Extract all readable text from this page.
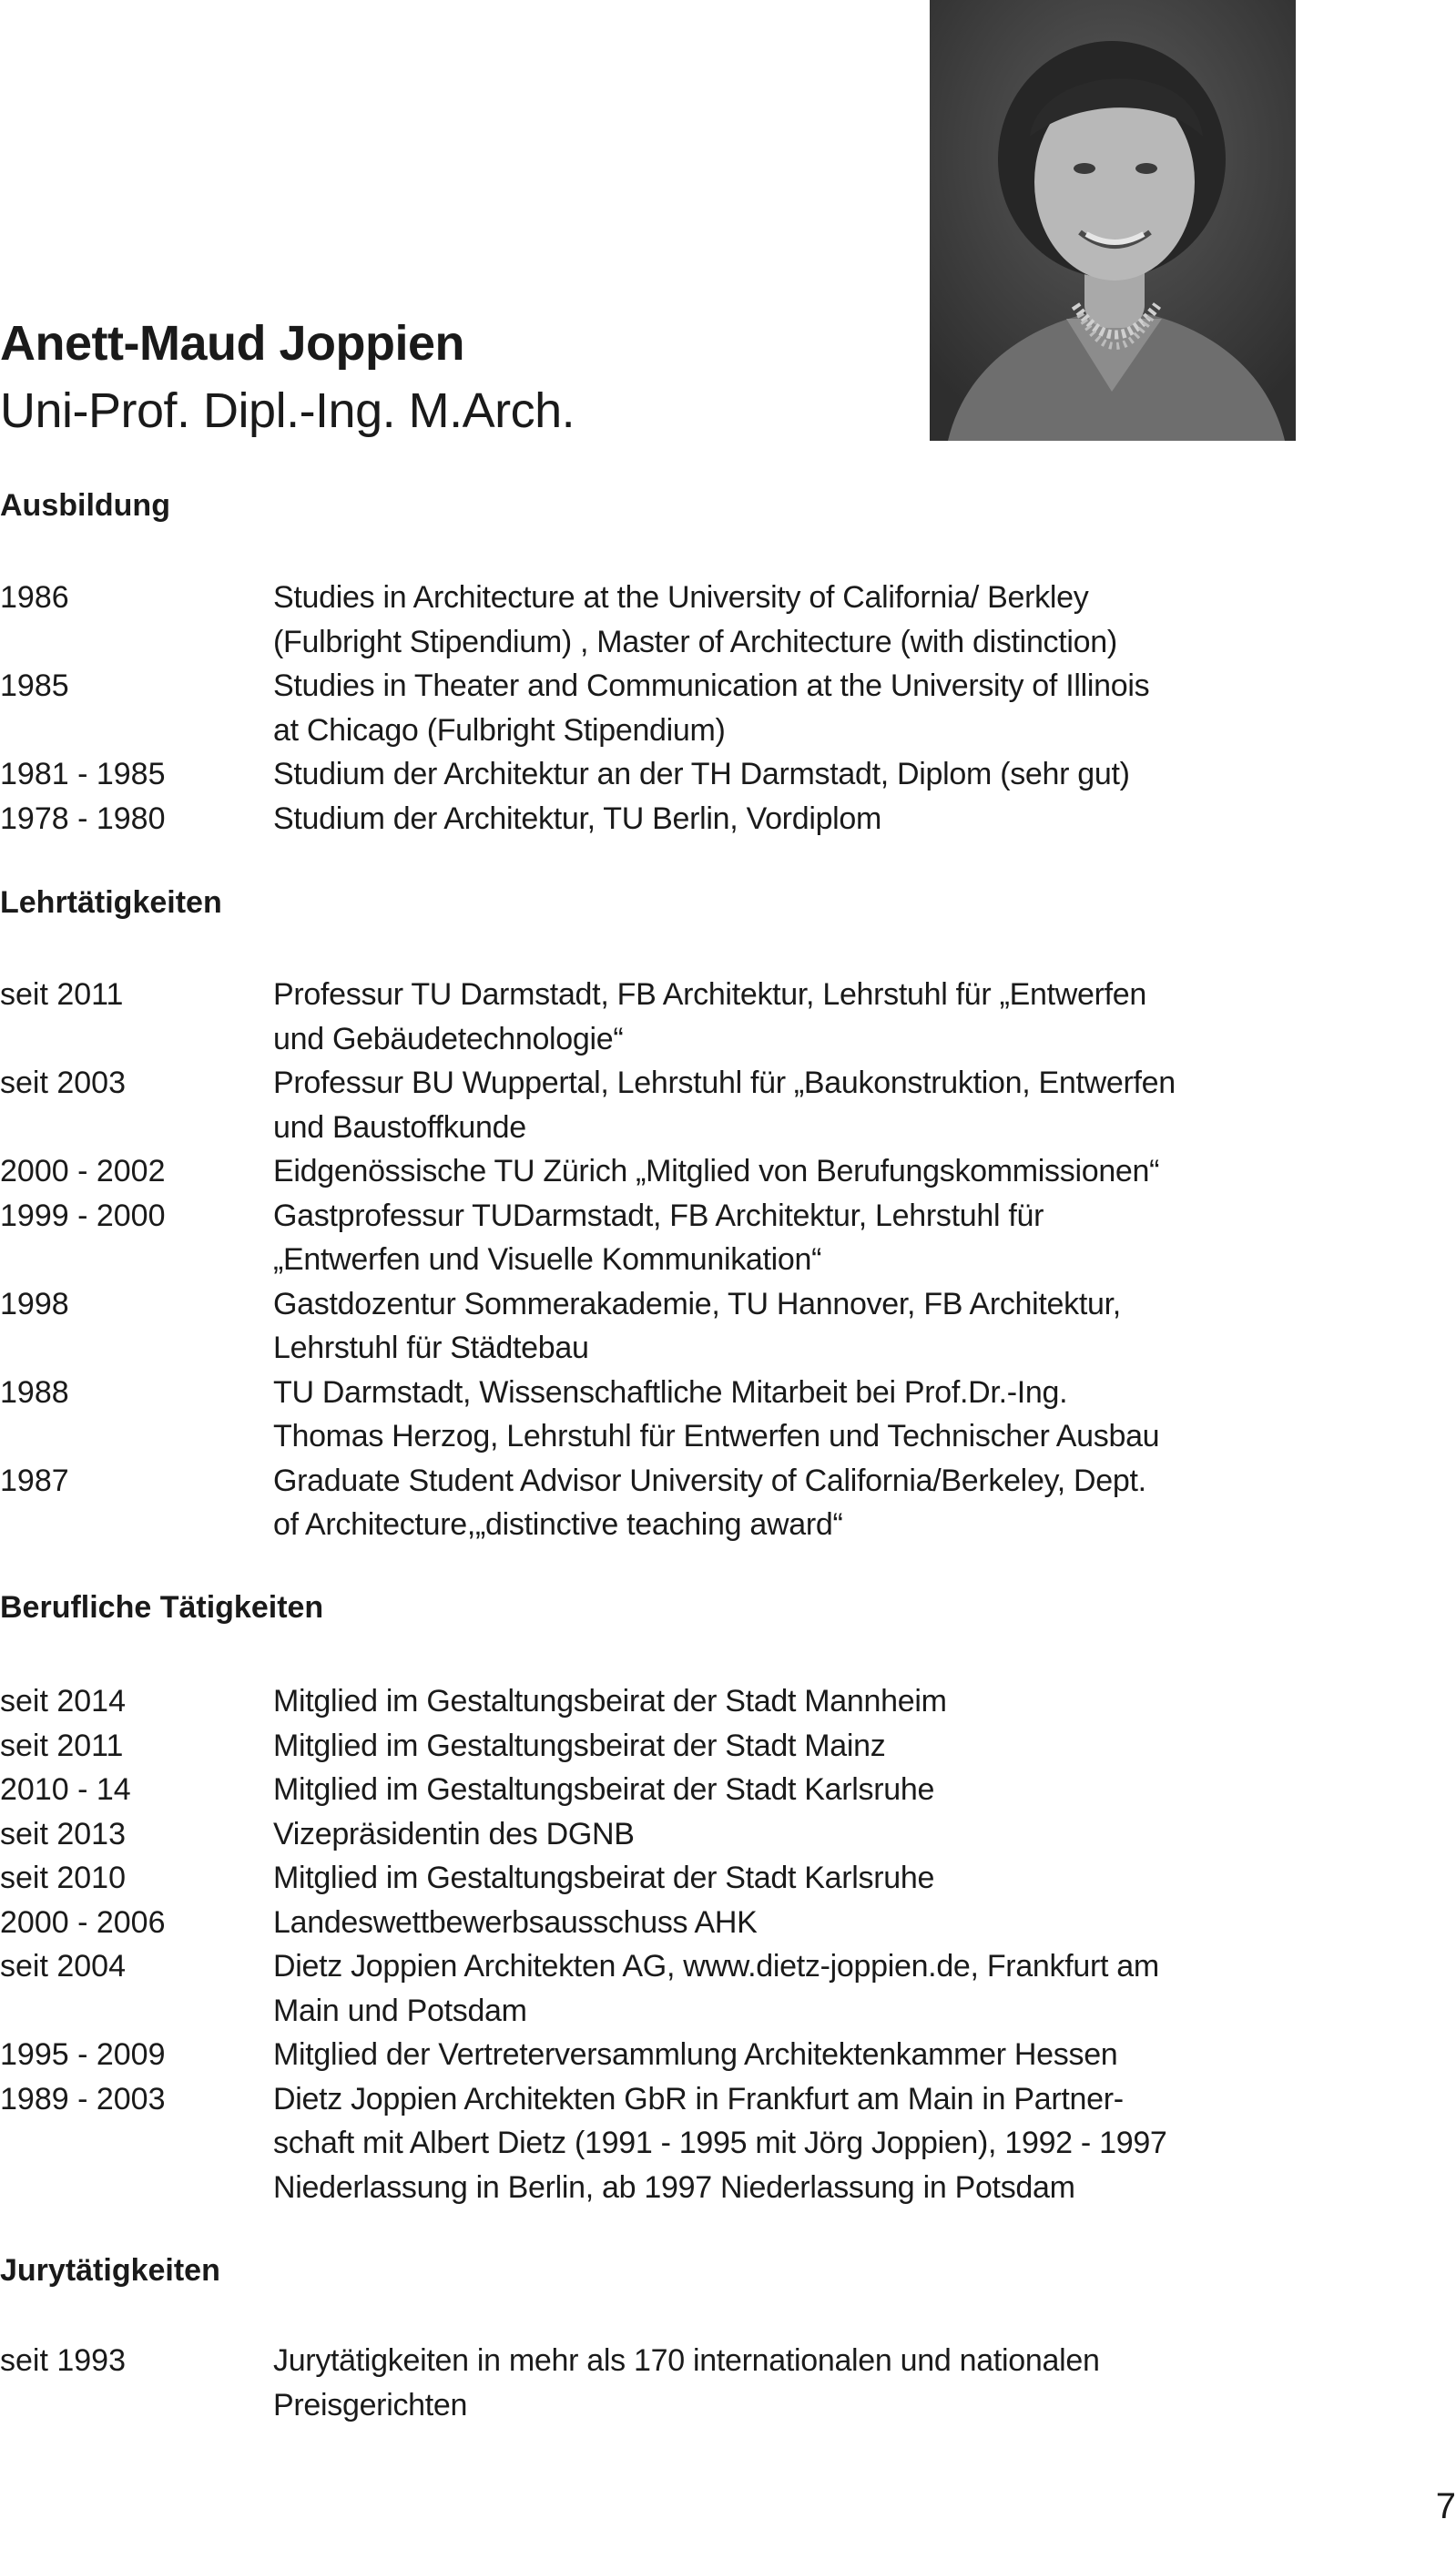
Anett-Maud Joppien
Uni-Prof. Dipl.-Ing. M.Arch.
Ausbildung
1986	Studies in Architecture at the University of California/ Berkley
(Fulbright Stipendium) , Master of Architecture (with distinction)
1985	Studies in Theater and Communication at the University of Illinois
at Chicago (Fulbright Stipendium)
1981 - 1985	Studium der Architektur an der TH Darmstadt, Diplom (sehr gut)
1978 - 1980	Studium der Architektur, TU Berlin, Vordiplom
Lehrtätigkeiten
seit 2011	Professur TU Darmstadt, FB Architektur, Lehrstuhl für „Entwerfen
und Gebäudetechnologie“
seit 2003	Professur BU Wuppertal, Lehrstuhl für „Baukonstruktion, Entwerfen
und Baustoffkunde
2000 - 2002	Eidgenössische TU Zürich „Mitglied von Berufungskommissionen“
1999 - 2000	Gastprofessur TUDarmstadt, FB Architektur, Lehrstuhl für
„Entwerfen und Visuelle Kommunikation“
1998	Gastdozentur Sommerakademie, TU Hannover, FB Architektur,
Lehrstuhl für Städtebau
1988	TU Darmstadt, Wissenschaftliche Mitarbeit bei Prof.Dr.-Ing.
Thomas Herzog, Lehrstuhl für Entwerfen und Technischer Ausbau
1987	Graduate Student Advisor University of California/Berkeley, Dept.
of Architecture,„distinctive teaching award“
Berufliche Tätigkeiten
seit 2014	Mitglied im Gestaltungsbeirat der Stadt Mannheim
seit 2011	Mitglied im Gestaltungsbeirat der Stadt Mainz
2010 - 14	Mitglied im Gestaltungsbeirat der Stadt Karlsruhe
seit 2013	Vizepräsidentin des DGNB
seit 2010	Mitglied im Gestaltungsbeirat der Stadt Karlsruhe
2000 - 2006	Landeswettbewerbsausschuss AHK
seit 2004	Dietz Joppien Architekten AG, www.dietz-joppien.de, Frankfurt am
Main und Potsdam
1995 - 2009	Mitglied der Vertreterversammlung Architektenkammer Hessen
1989 - 2003	Dietz Joppien Architekten GbR in Frankfurt am Main in Partner-
schaft mit Albert Dietz (1991 - 1995 mit Jörg Joppien), 1992 - 1997
Niederlassung in Berlin, ab 1997 Niederlassung in Potsdam
Jurytätigkeiten
seit 1993	Jurytätigkeiten in mehr als 170 internationalen und nationalen
Preisgerichten
7
